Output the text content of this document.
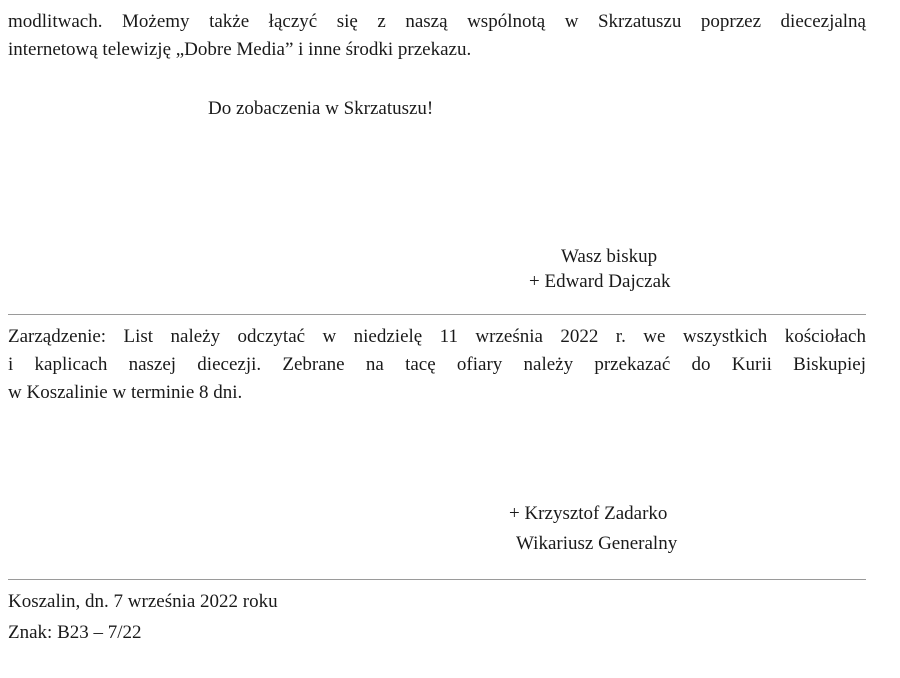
modlitwach. Możemy także łączyć się z naszą wspólnotą w Skrzatuszu poprzez diecezjalną
internetową telewizję „Dobre Media” i inne środki przekazu.
Do zobaczenia w Skrzatuszu!
Wasz biskup
+ Edward Dajczak
Zarządzenie: List należy odczytać w niedzielę 11 września 2022 r. we wszystkich kościołach
i kaplicach naszej diecezji. Zebrane na tacę ofiary należy przekazać do Kurii Biskupiej
w Koszalinie w terminie 8 dni.
+ Krzysztof Zadarko
Wikariusz Generalny
Koszalin, dn. 7 września 2022 roku
Znak: B23 – 7/22
